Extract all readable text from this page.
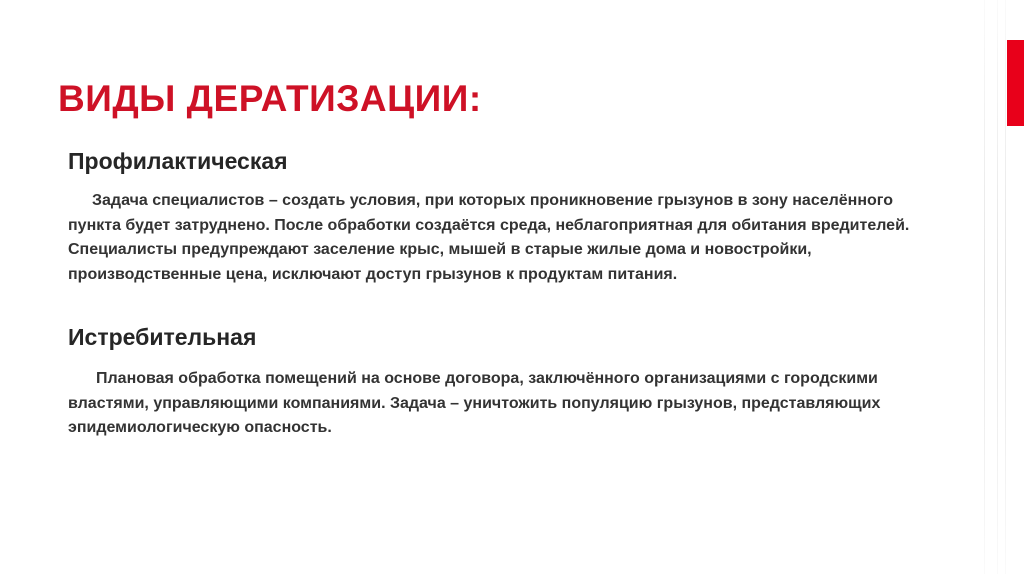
ВИДЫ ДЕРАТИЗАЦИИ:
Профилактическая

Задача специалистов – создать условия, при которых проникновение грызунов в зону населённого пункта будет затруднено. После обработки создаётся среда, неблагоприятная для обитания вредителей. Специалисты предупреждают заселение крыс, мышей в старые жилые дома и новостройки, производственные цена, исключают доступ грызунов к продуктам питания.

Истребительная

Плановая обработка помещений на основе договора, заключённого организациями с городскими властями, управляющими компаниями. Задача – уничтожить популяцию грызунов, представляющих эпидемиологическую опасность.
